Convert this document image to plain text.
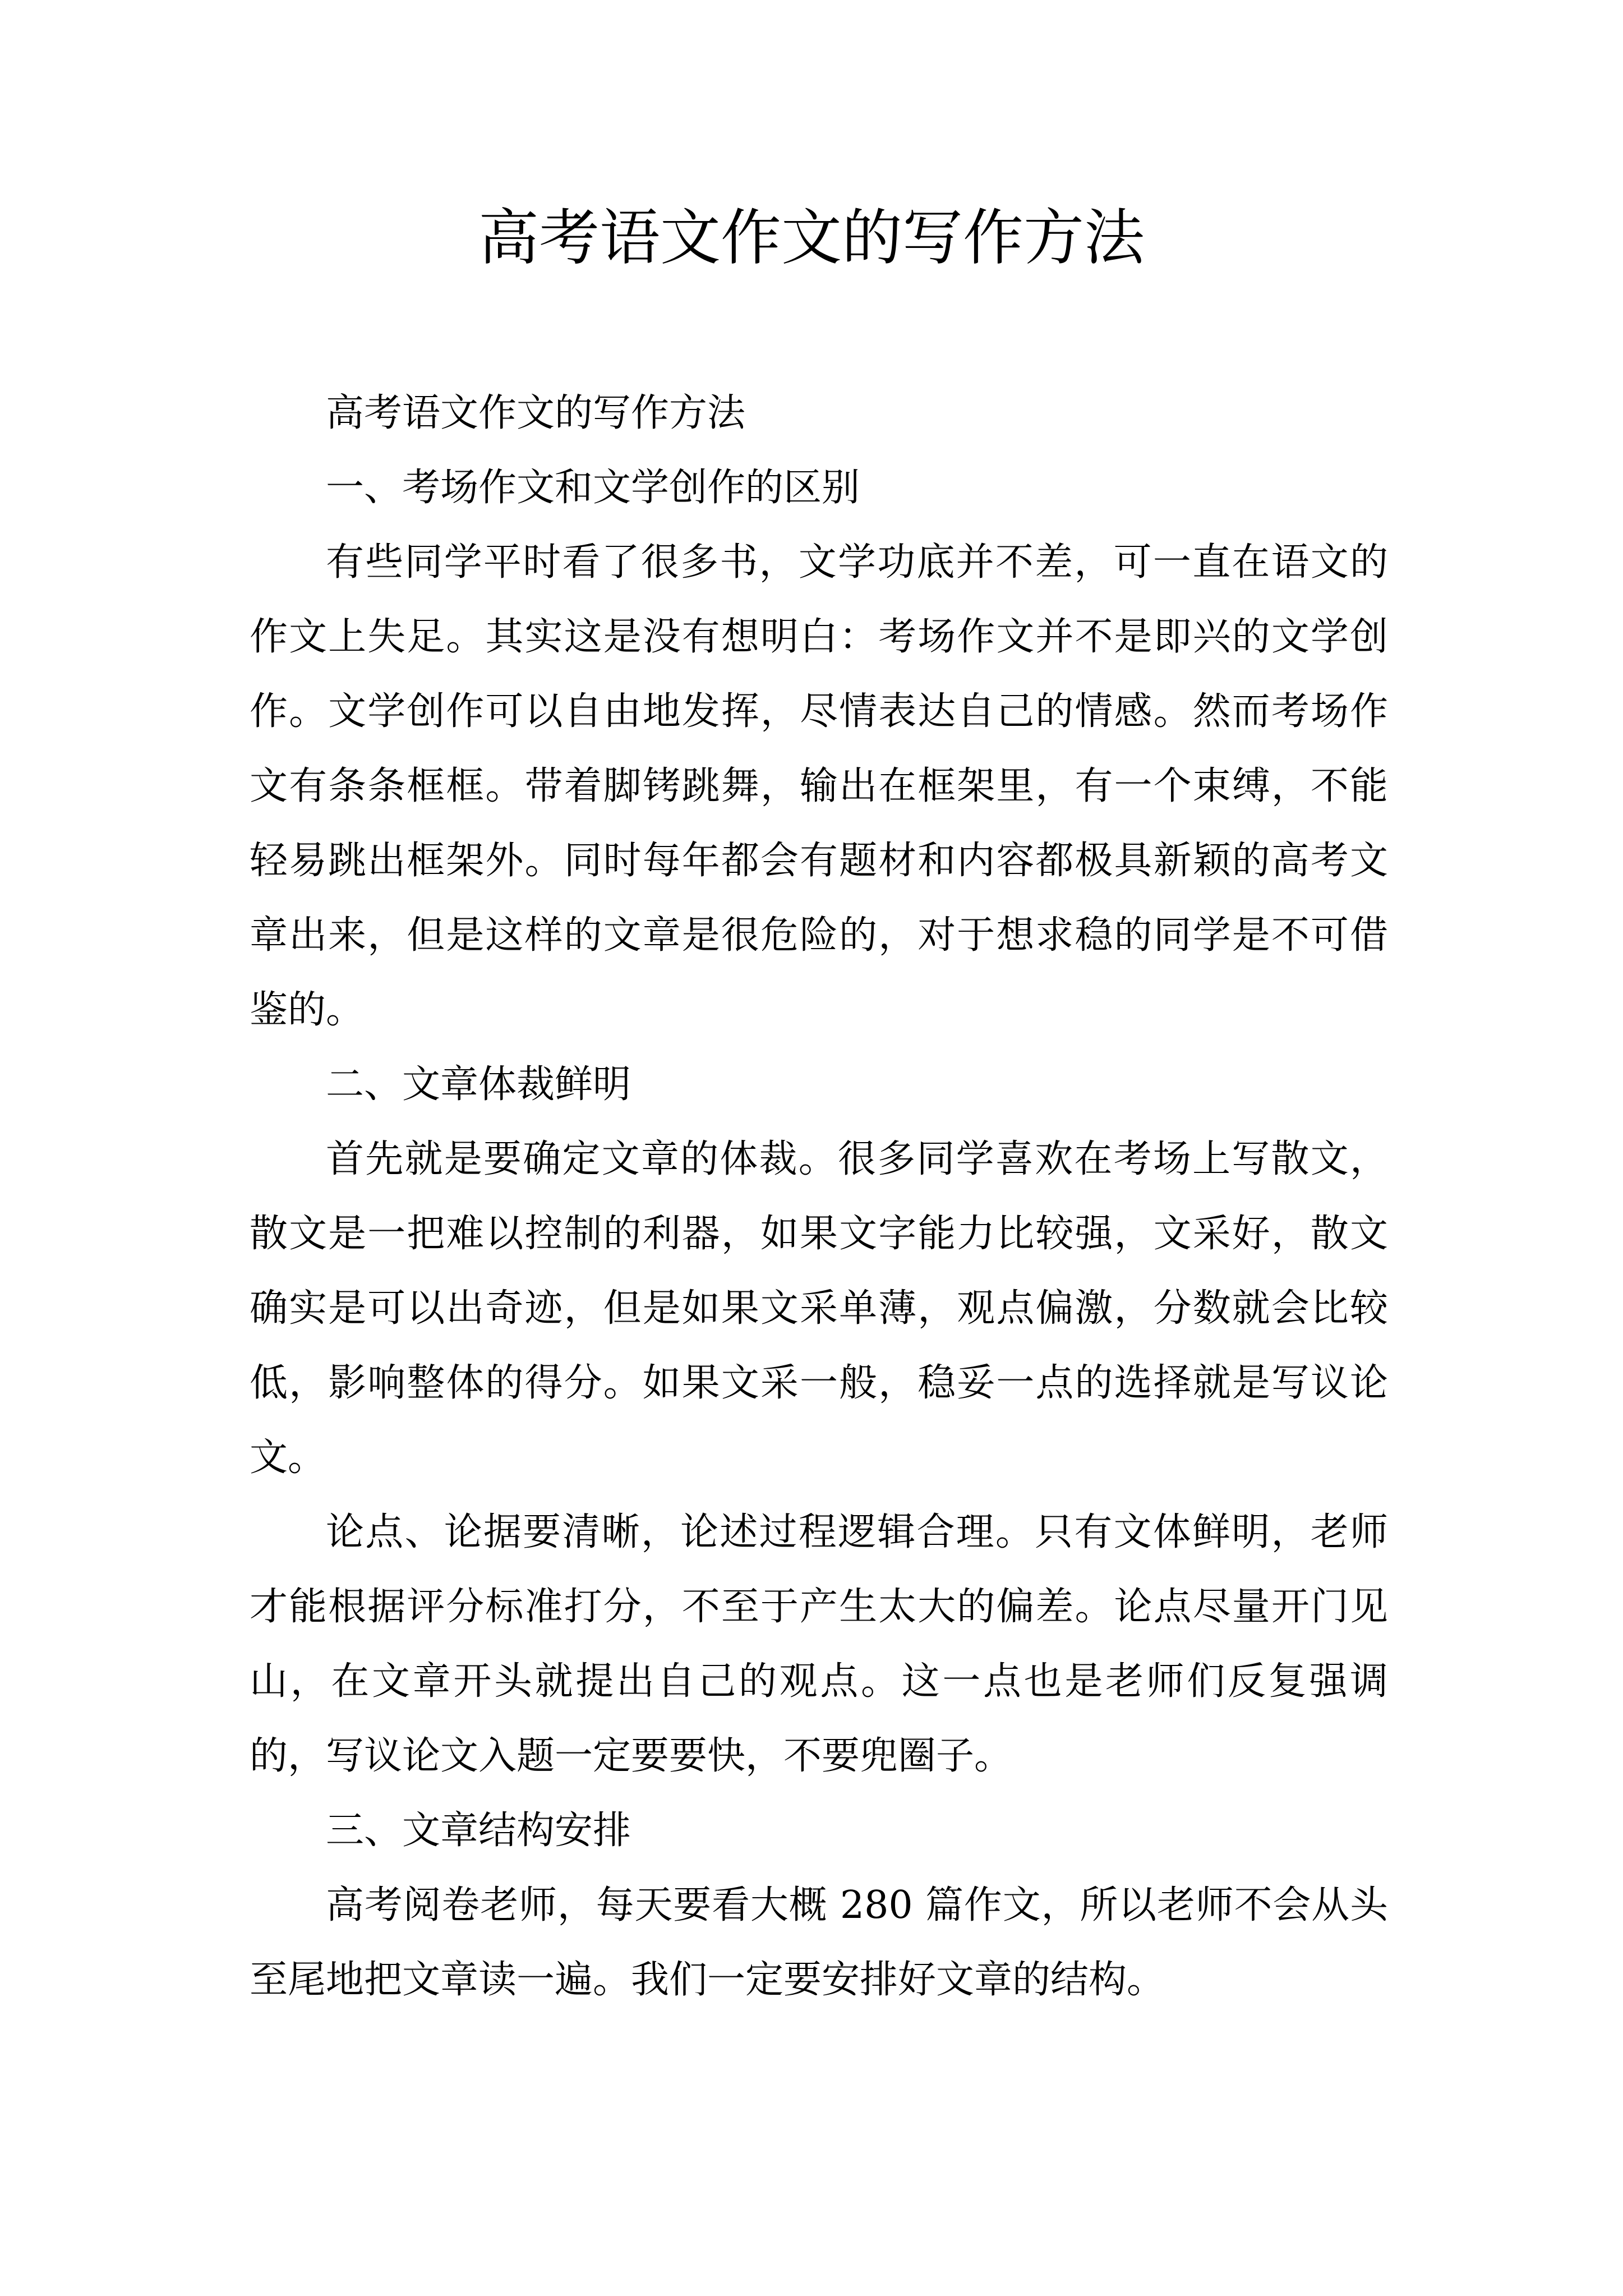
高考语文作文的写作方法

高考语文作文的写作方法

一、考场作文和文学创作的区别

有些同学平时看了很多书，文学功底并不差，可一直在语文的作文上失足。其实这是没有想明白：考场作文并不是即兴的文学创作。文学创作可以自由地发挥，尽情表达自己的情感。然而考场作文有条条框框。带着脚铐跳舞，输出在框架里，有一个束缚，不能轻易跳出框架外。同时每年都会有题材和内容都极具新颖的高考文章出来，但是这样的文章是很危险的，对于想求稳的同学是不可借鉴的。

二、文章体裁鲜明

首先就是要确定文章的体裁。很多同学喜欢在考场上写散文，散文是一把难以控制的利器，如果文字能力比较强，文采好，散文确实是可以出奇迹，但是如果文采单薄，观点偏激，分数就会比较低，影响整体的得分。如果文采一般，稳妥一点的选择就是写议论文。

论点、论据要清晰，论述过程逻辑合理。只有文体鲜明，老师才能根据评分标准打分，不至于产生太大的偏差。论点尽量开门见山，在文章开头就提出自己的观点。这一点也是老师们反复强调的，写议论文入题一定要要快，不要兜圈子。

三、文章结构安排

高考阅卷老师，每天要看大概 280 篇作文，所以老师不会从头至尾地把文章读一遍。我们一定要安排好文章的结构。
